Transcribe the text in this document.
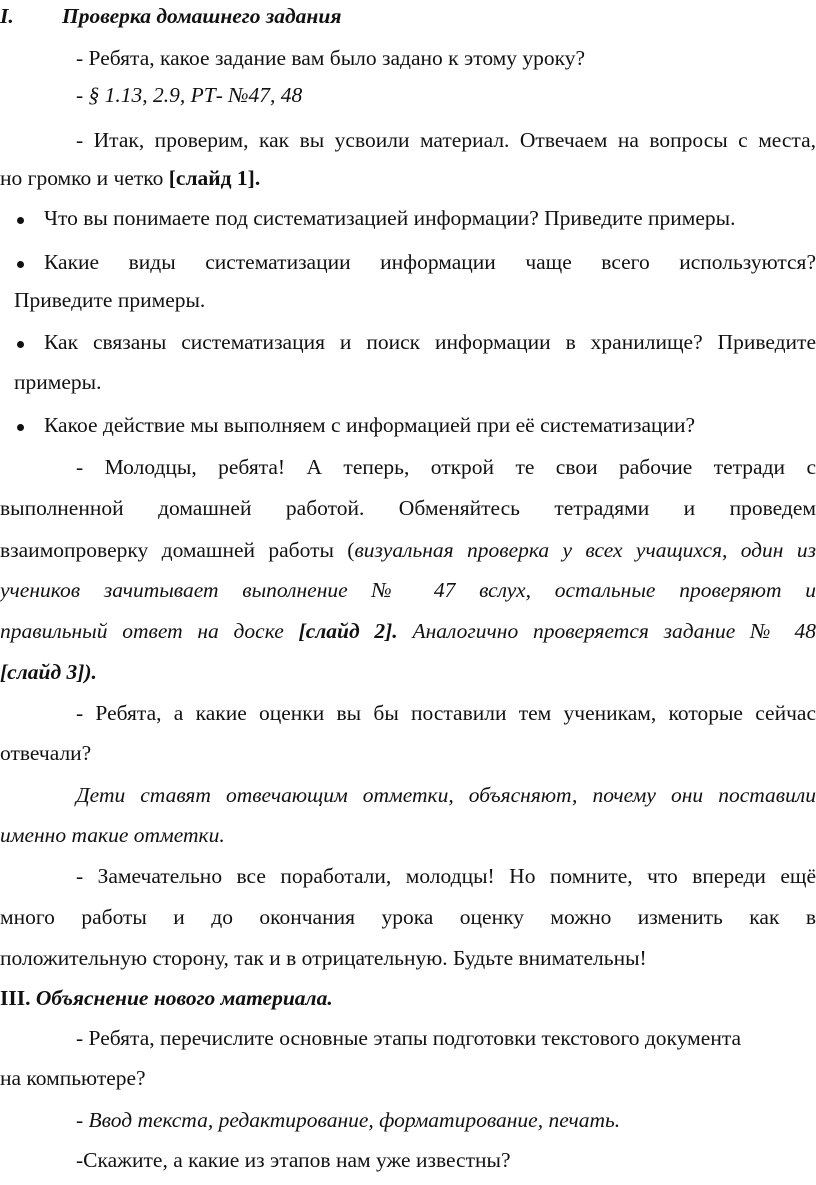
I. Проверка домашнего задания
- Ребята, какое задание вам было задано к этому уроку?
- § 1.13, 2.9, РТ- №47, 48
- Итак, проверим, как вы усвоили материал. Отвечаем на вопросы с места,
но громко и четко [слайд 1].
Что вы понимаете под систематизацией информации? Приведите примеры.
Какие виды систематизации информации чаще всего используются?
Приведите примеры.
Как связаны систематизация и поиск информации в хранилище? Приведите
примеры.
Какое действие мы выполняем с информацией при её систематизации?
- Молодцы, ребята! А теперь, открой те свои рабочие тетради с
выполненной домашней работой. Обменяйтесь тетрадями и проведем
взаимопроверку домашней работы (визуальная проверка у всех учащихся, один из
учеников зачитывает выполнение № 47 вслух, остальные проверяют и
правильный ответ на доске [слайд 2]. Аналогично проверяется задание № 48
[слайд 3]).
- Ребята, а какие оценки вы бы поставили тем ученикам, которые сейчас
отвечали?
Дети ставят отвечающим отметки, объясняют, почему они поставили
именно такие отметки.
- Замечательно все поработали, молодцы! Но помните, что впереди ещё
много работы и до окончания урока оценку можно изменить как в
положительную сторону, так и в отрицательную. Будьте внимательны!
III. Объяснение нового материала.
- Ребята, перечислите основные этапы подготовки текстового документа
на компьютере?
- Ввод текста, редактирование, форматирование, печать.
-Скажите, а какие из этапов нам уже известны?
